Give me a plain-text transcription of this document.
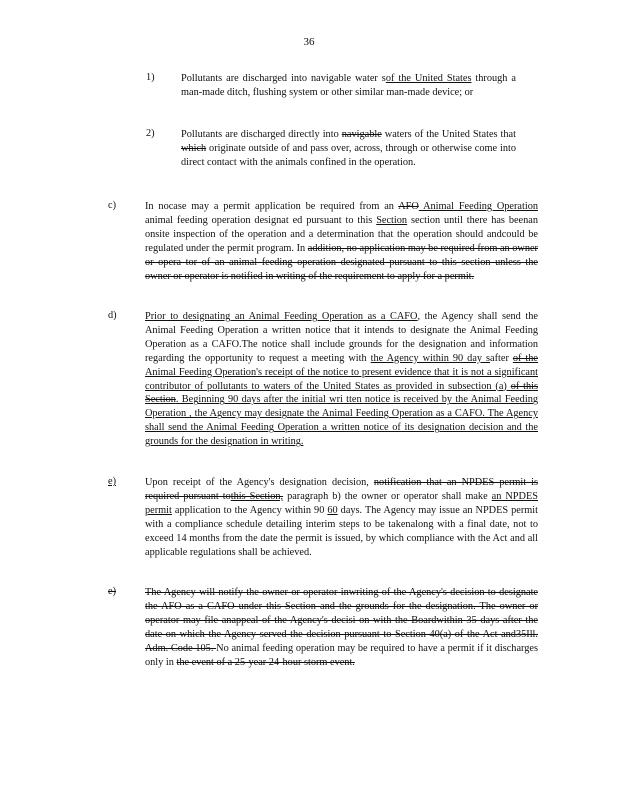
36
1)	Pollutants are discharged into navigable water sof the United States through a man-made ditch, flushing system or other similar man-made device; or
2)	Pollutants are discharged directly into navigable waters of the United States that which originate outside of and pass over, across, through or otherwise come into direct contact with the animals confined in the operation.
c)	In nocase may a permit application be required from an AFO Animal Feeding Operation animal feeding operation designat ed pursuant to this Section section until there has beenan onsite inspection of the operation and a determination that the operation should andcould be regulated under the permit program. In addition, no application may be required from an owner or opera tor of an animal feeding operation designated pursuant to this section unless the owner or operator is notified in writing of the requirement to apply for a permit.
d)	Prior to designating an Animal Feeding Operation as a CAFO, the Agency shall send the Animal Feeding Operation a written notice that it intends to designate the Animal Feeding Operation as a CAFO.The notice shall include grounds for the designation and information regarding the opportunity to request a meeting with the Agency within 90 day safter of the Animal Feeding Operation's receipt of the notice to present evidence that it is not a significant contributor of pollutants to waters of the United States as provided in subsection (a) of this Section. Beginning 90 days after the initial wri tten notice is received by the Animal Feeding Operation , the Agency may designate the Animal Feeding Operation as a CAFO. The Agency shall send the Animal Feeding Operation a written notice of its designation decision and the grounds for the designation in writing.
e)	Upon receipt of the Agency's designation decision, notification that an NPDES permit is required pursuant tothis Section, paragraph b) the owner or operator shall make an NPDES permit application to the Agency within 90 60 days. The Agency may issue an NPDES permit with a compliance schedule detailing interim steps to be takenalong with a final date, not to exceed 14 months from the date the permit is issued, by which compliance with the Act and all applicable regulations shall be achieved.
e)	The Agency will notify the owner or operator inwriting of the Agency's decision to designate the AFO as a CAFO under this Section and the grounds for the designation. The owner or operator may file anappeal of the Agency's decisi on with the Boardwithin 35 days after the date on which the Agency served the decision pursuant to Section 40(a) of the Act and35Ill. Adm. Code 105. No animal feeding operation may be required to have a permit if it discharges only in the event of a 25-year 24-hour storm event.
